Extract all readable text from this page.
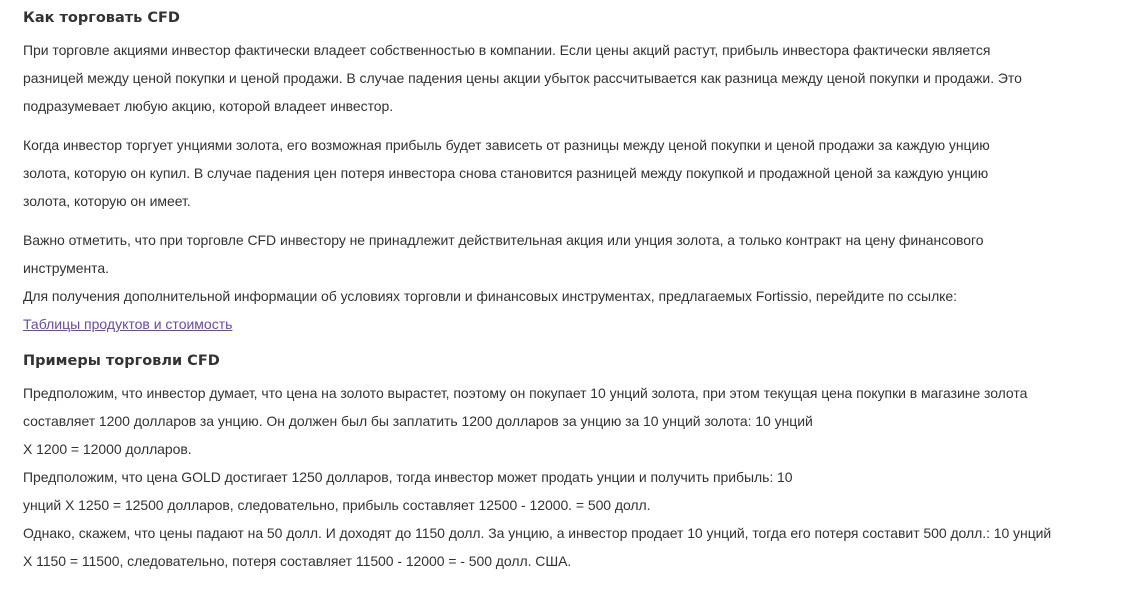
Как торговать CFD

При торговле акциями инвестор фактически владеет собственностью в компании. Если цены акций растут, прибыль инвестора фактически является
разницей между ценой покупки и ценой продажи. В случае падения цены акции убыток рассчитывается как разница между ценой покупки и продажи. Это
подразумевает любую акцию, которой владеет инвестор.

Когда инвестор торгует унциями золота, его возможная прибыль будет зависеть от разницы между ценой покупки и ценой продажи за каждую унцию
золота, которую он купил. В случае падения цен потеря инвестора снова становится разницей между покупкой и продажной ценой за каждую унцию
золота, которую он имеет.

Важно отметить, что при торговле CFD инвестору не принадлежит действительная акция или унция золота, а только контракт на цену финансового
инструмента.

Для получения дополнительной информации об условиях торговли и финансовых инструментах, предлагаемых Fortissio, перейдите по ссылке:

Таблицы продуктов и стоимость
Примеры торговли CFD

Предположим, что инвестор думает, что цена на золото вырастет, поэтому он покупает 10 унций золота, при этом текущая цена покупки в магазине золота

составляет 1200 долларов за унцию. Он должен был бы заплатить 1200 долларов за унцию за 10 унций золота: 10 унций

X 1200 = 12000 долларов.

Предположим, что цена GOLD достигает 1250 долларов, тогда инвестор может продать унции и получить прибыль: 10

унций X 1250 = 12500 долларов, следовательно, прибыль составляет 12500 - 12000. = 500 долл.

Однако, скажем, что цены падают на 50 долл. И доходят до 1150 долл. За унцию, а инвестор продает 10 унций, тогда его потеря составит 500 долл.: 10 унций

X 1150 = 11500, следовательно, потеря составляет 11500 - 12000 = - 500 долл. США.
